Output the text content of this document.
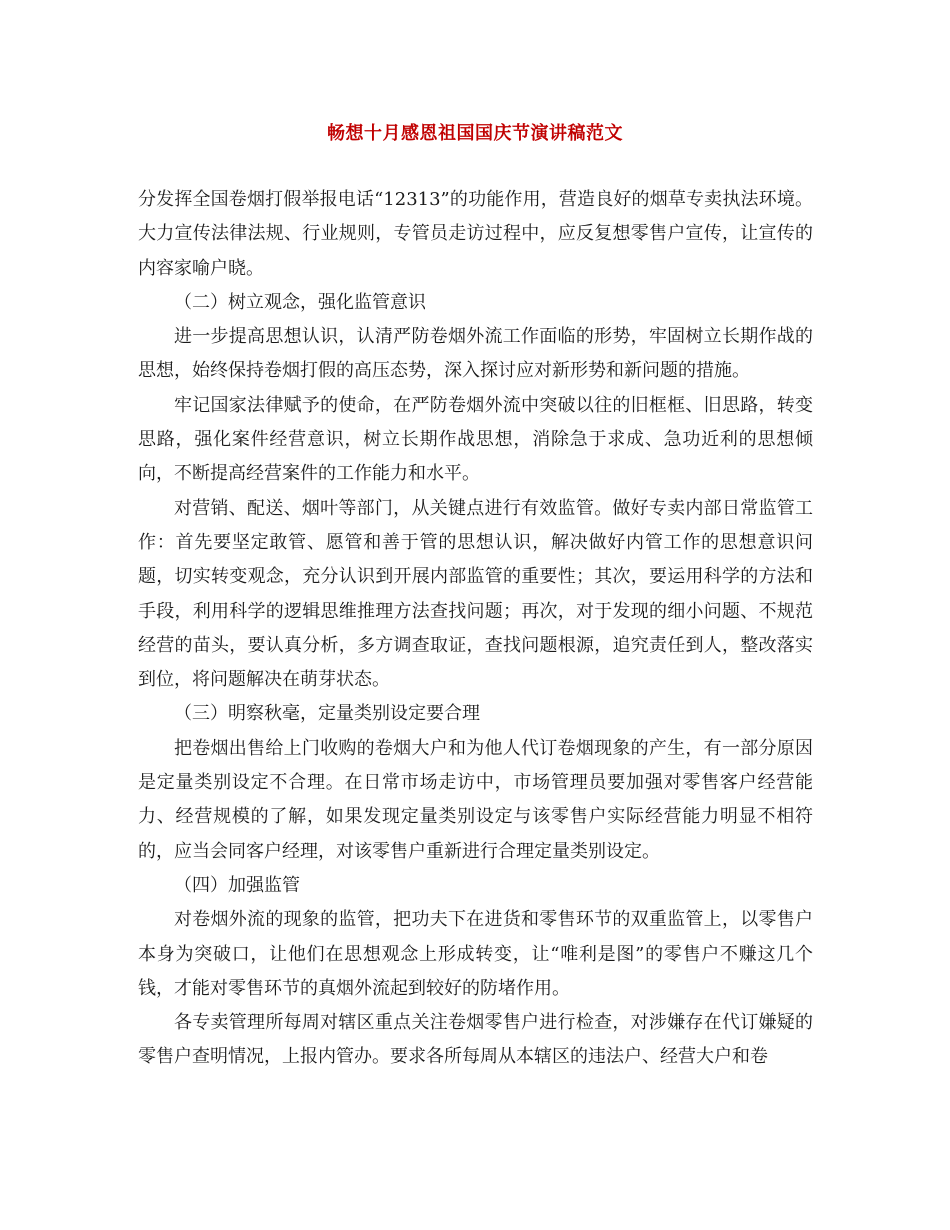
畅想十月感恩祖国国庆节演讲稿范文

分发挥全国卷烟打假举报电话“12313”的功能作用，营造良好的烟草专卖执法环境。大力宣传法律法规、行业规则，专管员走访过程中，应反复想零售户宣传，让宣传的内容家喻户晓。

（二）树立观念，强化监管意识

进一步提高思想认识，认清严防卷烟外流工作面临的形势，牢固树立长期作战的思想，始终保持卷烟打假的高压态势，深入探讨应对新形势和新问题的措施。

牢记国家法律赋予的使命，在严防卷烟外流中突破以往的旧框框、旧思路，转变思路，强化案件经营意识，树立长期作战思想，消除急于求成、急功近利的思想倾向，不断提高经营案件的工作能力和水平。

对营销、配送、烟叶等部门，从关键点进行有效监管。做好专卖内部日常监管工作：首先要坚定敢管、愿管和善于管的思想认识，解决做好内管工作的思想意识问题，切实转变观念，充分认识到开展内部监管的重要性；其次，要运用科学的方法和手段，利用科学的逻辑思维推理方法查找问题；再次，对于发现的细小问题、不规范经营的苗头，要认真分析，多方调查取证，查找问题根源，追究责任到人，整改落实到位，将问题解决在萌芽状态。

（三）明察秋毫，定量类别设定要合理

把卷烟出售给上门收购的卷烟大户和为他人代订卷烟现象的产生，有一部分原因是定量类别设定不合理。在日常市场走访中，市场管理员要加强对零售客户经营能力、经营规模的了解，如果发现定量类别设定与该零售户实际经营能力明显不相符的，应当会同客户经理，对该零售户重新进行合理定量类别设定。

（四）加强监管

对卷烟外流的现象的监管，把功夫下在进货和零售环节的双重监管上，以零售户本身为突破口，让他们在思想观念上形成转变，让“唯利是图”的零售户不赚这几个钱，才能对零售环节的真烟外流起到较好的防堵作用。

各专卖管理所每周对辖区重点关注卷烟零售户进行检查，对涉嫌存在代订嫌疑的零售户查明情况，上报内管办。要求各所每周从本辖区的违法户、经营大户和卷
